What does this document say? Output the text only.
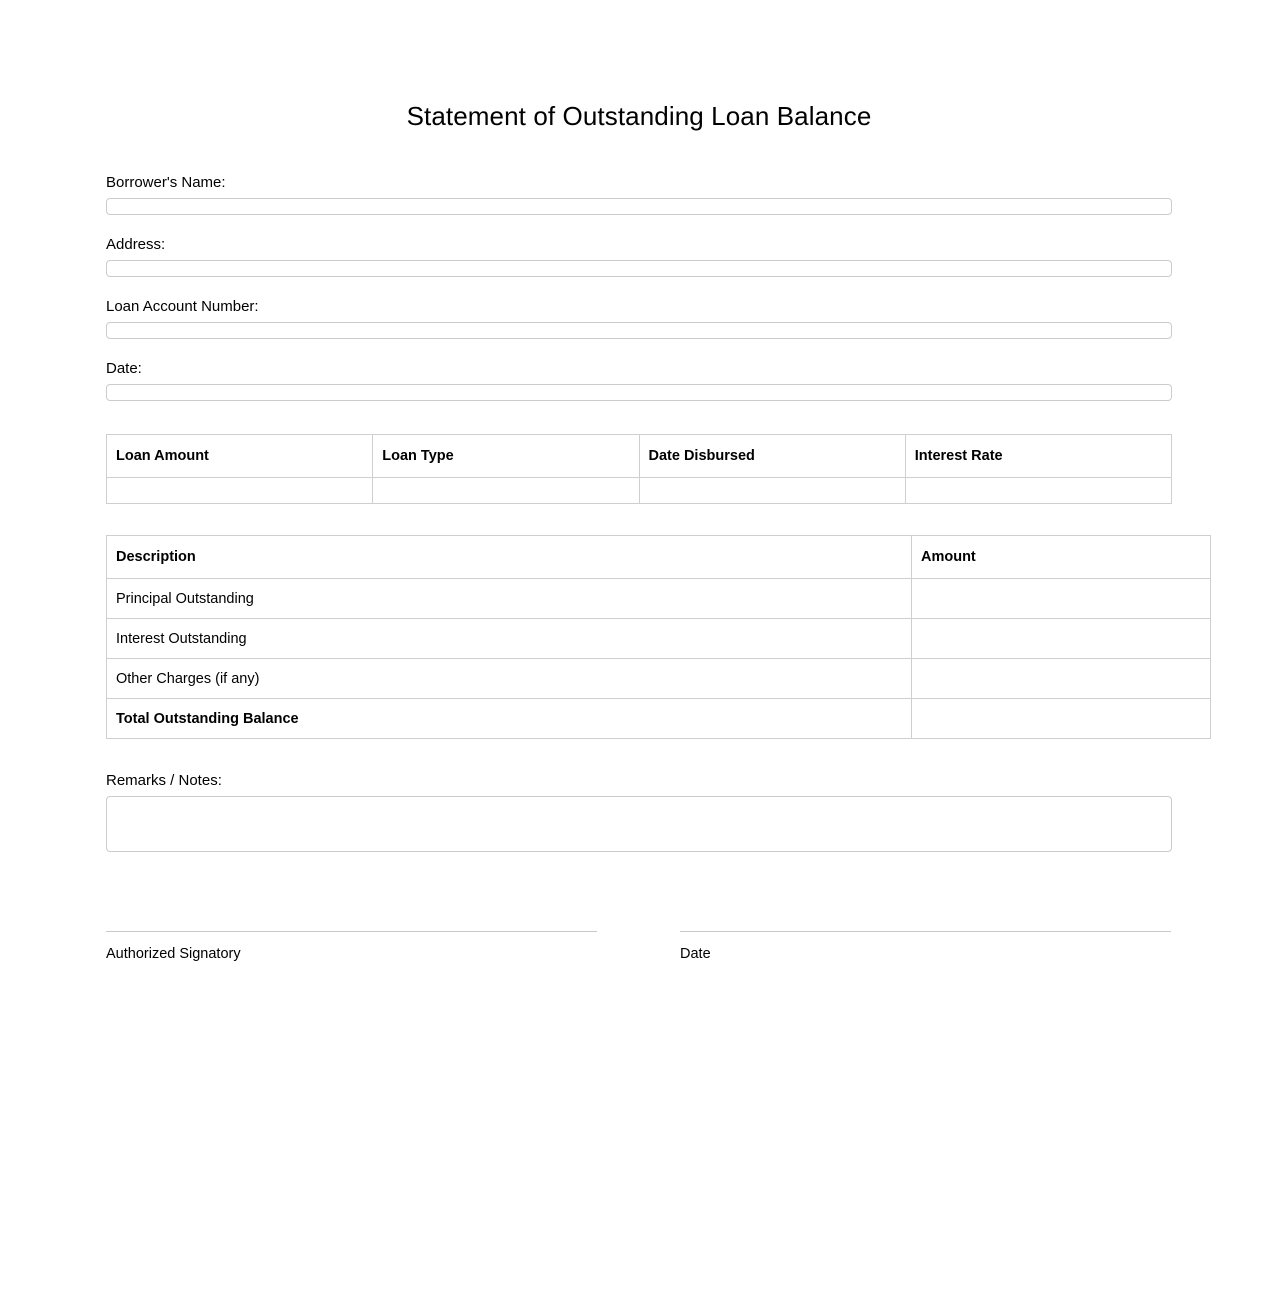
Statement of Outstanding Loan Balance
Borrower's Name:
Address:
Loan Account Number:
Date:
Loan Amount	Loan Type	Date Disbursed	Interest Rate

Description	Amount
Principal Outstanding	
Interest Outstanding	
Other Charges (if any)	
Total Outstanding Balance	
Remarks / Notes:
Authorized Signatory	Date
